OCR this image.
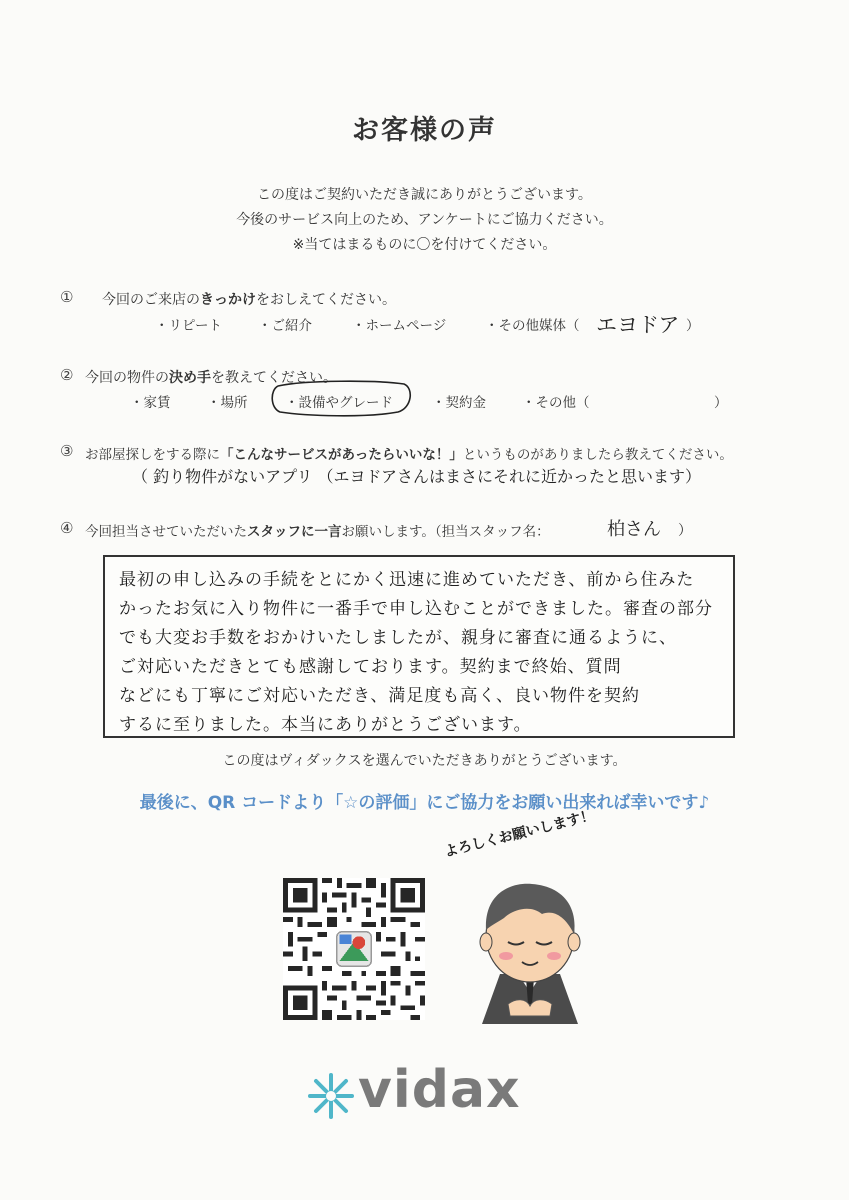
お客様の声
この度はご契約いただき誠にありがとうございます。
今後のサービス向上のため、アンケートにご協力ください。
※当てはまるものに〇を付けてください。
① 今回のご来店のきっかけをおしえてください。
・リピート	・ご紹介	・ホームページ	・その他媒体（ エヨドア ）
② 今回の物件の決め手を教えてください。
・家賃	・場所	・設備やグレード	・契約金	・その他（	）
③ お部屋探しをする際に「こんなサービスがあったらいいな！」というものがありましたら教えてください。
（ 釣り物件がないアプリ （エヨドアさんはまさにそれに近かったと思います）
④ 今回担当させていただいたスタッフに一言お願いします。（担当スタッフ名：	柏さん ）
最初の申し込みの手続をとにかく迅速に進めていただき、前から住みた
かったお気に入り物件に一番手で申し込むことができました。審査の部分
でも大変お手数をおかけいたしましたが、親身に審査に通るように、
ご対応いただきとても感謝しております。契約まで終始、質問
などにも丁寧にご対応いただき、満足度も高く、良い物件を契約
するに至りました。本当にありがとうございます。
この度はヴィダックスを選んでいただきありがとうございます。
最後に、QR コードより「☆の評価」にご協力をお願い出来れば幸いです♪
よろしくお願いします！
vidax
